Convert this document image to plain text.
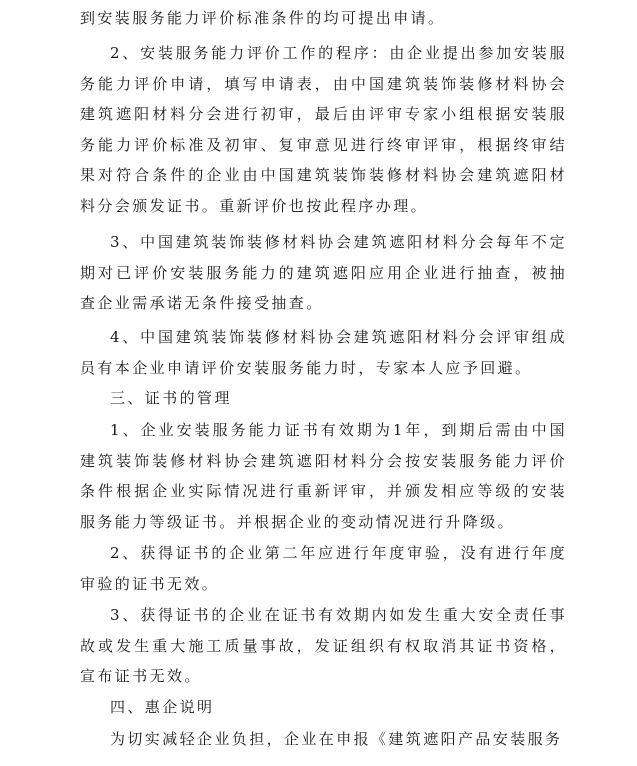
到安装服务能力评价标准条件的均可提出申请。

2、安装服务能力评价工作的程序：由企业提出参加安装服务能力评价申请，填写申请表，由中国建筑装饰装修材料协会建筑遮阳材料分会进行初审，最后由评审专家小组根据安装服务能力评价标准及初审、复审意见进行终审评审，根据终审结果对符合条件的企业由中国建筑装饰装修材料协会建筑遮阳材料分会颁发证书。重新评价也按此程序办理。

3、中国建筑装饰装修材料协会建筑遮阳材料分会每年不定期对已评价安装服务能力的建筑遮阳应用企业进行抽查，被抽查企业需承诺无条件接受抽查。

4、中国建筑装饰装修材料协会建筑遮阳材料分会评审组成员有本企业申请评价安装服务能力时，专家本人应予回避。

三、证书的管理

1、企业安装服务能力证书有效期为1年，到期后需由中国建筑装饰装修材料协会建筑遮阳材料分会按安装服务能力评价条件根据企业实际情况进行重新评审，并颁发相应等级的安装服务能力等级证书。并根据企业的变动情况进行升降级。

2、获得证书的企业第二年应进行年度审验，没有进行年度审验的证书无效。

3、获得证书的企业在证书有效期内如发生重大安全责任事故或发生重大施工质量事故，发证组织有权取消其证书资格，宣布证书无效。

四、惠企说明

为切实减轻企业负担，企业在申报《建筑遮阳产品安装服务
